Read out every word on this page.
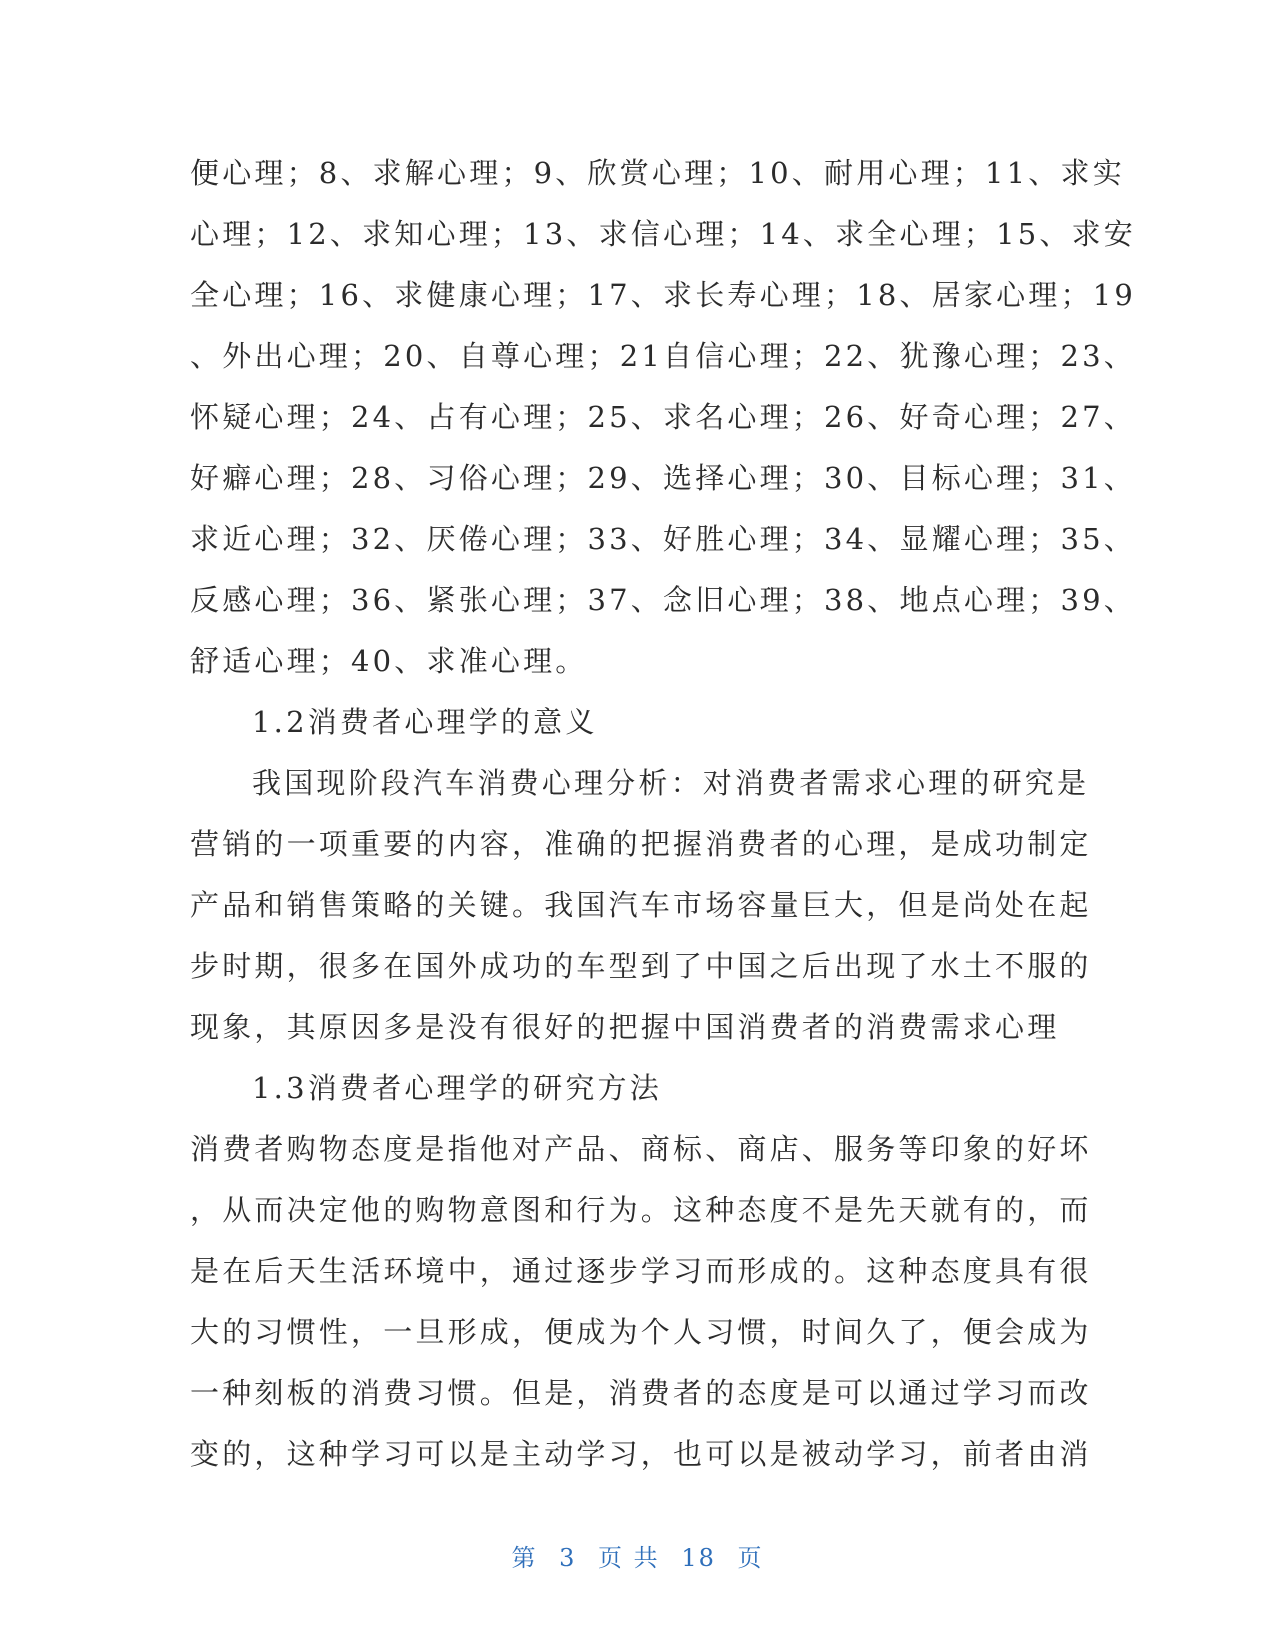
便心理；8、求解心理；9、欣赏心理；10、耐用心理；11、求实
心理；12、求知心理；13、求信心理；14、求全心理；15、求安
全心理；16、求健康心理；17、求长寿心理；18、居家心理；19
、外出心理；20、自尊心理；21自信心理；22、犹豫心理；23、
怀疑心理；24、占有心理；25、求名心理；26、好奇心理；27、
好癖心理；28、习俗心理；29、选择心理；30、目标心理；31、
求近心理；32、厌倦心理；33、好胜心理；34、显耀心理；35、
反感心理；36、紧张心理；37、念旧心理；38、地点心理；39、
舒适心理；40、求准心理。
1.2消费者心理学的意义
我国现阶段汽车消费心理分析：对消费者需求心理的研究是
营销的一项重要的内容，准确的把握消费者的心理，是成功制定
产品和销售策略的关键。我国汽车市场容量巨大，但是尚处在起
步时期，很多在国外成功的车型到了中国之后出现了水土不服的
现象，其原因多是没有很好的把握中国消费者的消费需求心理
1.3消费者心理学的研究方法
消费者购物态度是指他对产品、商标、商店、服务等印象的好坏
，从而决定他的购物意图和行为。这种态度不是先天就有的，而
是在后天生活环境中，通过逐步学习而形成的。这种态度具有很
大的习惯性，一旦形成，便成为个人习惯，时间久了，便会成为
一种刻板的消费习惯。但是，消费者的态度是可以通过学习而改
变的，这种学习可以是主动学习，也可以是被动学习，前者由消
第 3 页 共 18 页
